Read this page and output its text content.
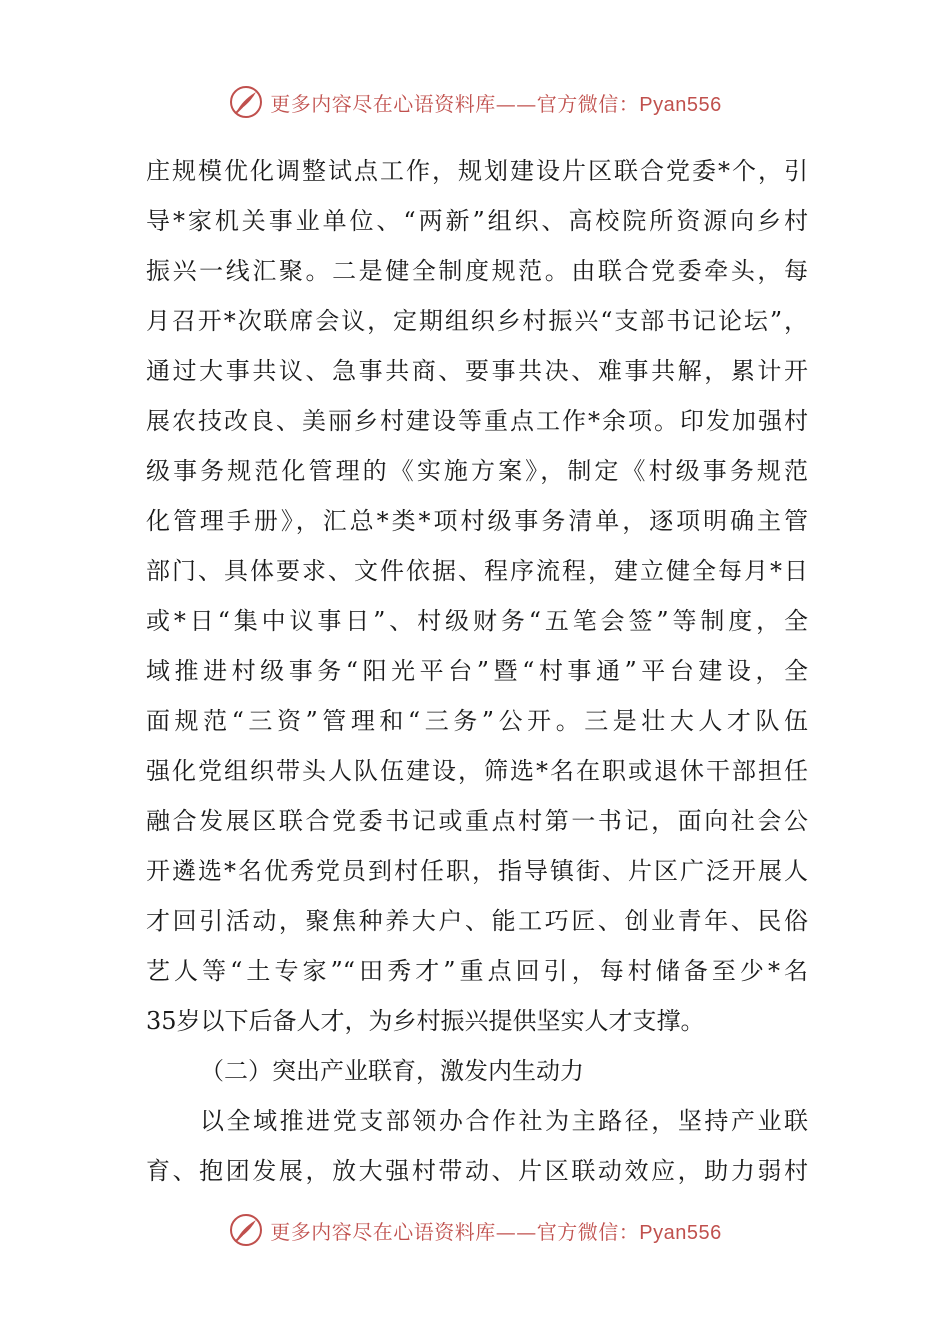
更多内容尽在心语资料库——官方微信：Pyan556
庄规模优化调整试点工作，规划建设片区联合党委*个，引
导*家机关事业单位、“两新”组织、高校院所资源向乡村
振兴一线汇聚。二是健全制度规范。由联合党委牵头，每
月召开*次联席会议，定期组织乡村振兴“支部书记论坛”，
通过大事共议、急事共商、要事共决、难事共解，累计开
展农技改良、美丽乡村建设等重点工作*余项。印发加强村
级事务规范化管理的《实施方案》，制定《村级事务规范
化管理手册》，汇总*类*项村级事务清单，逐项明确主管
部门、具体要求、文件依据、程序流程，建立健全每月*日
或*日“集中议事日”、村级财务“五笔会签”等制度，全
域推进村级事务“阳光平台”暨“村事通”平台建设，全
面规范“三资”管理和“三务”公开。三是壮大人才队伍
强化党组织带头人队伍建设，筛选*名在职或退休干部担任
融合发展区联合党委书记或重点村第一书记，面向社会公
开遴选*名优秀党员到村任职，指导镇街、片区广泛开展人
才回引活动，聚焦种养大户、能工巧匠、创业青年、民俗
艺人等“土专家”“田秀才”重点回引，每村储备至少*名
35岁以下后备人才，为乡村振兴提供坚实人才支撑。
（二）突出产业联育，激发内生动力
以全域推进党支部领办合作社为主路径，坚持产业联
育、抱团发展，放大强村带动、片区联动效应，助力弱村
更多内容尽在心语资料库——官方微信：Pyan556
